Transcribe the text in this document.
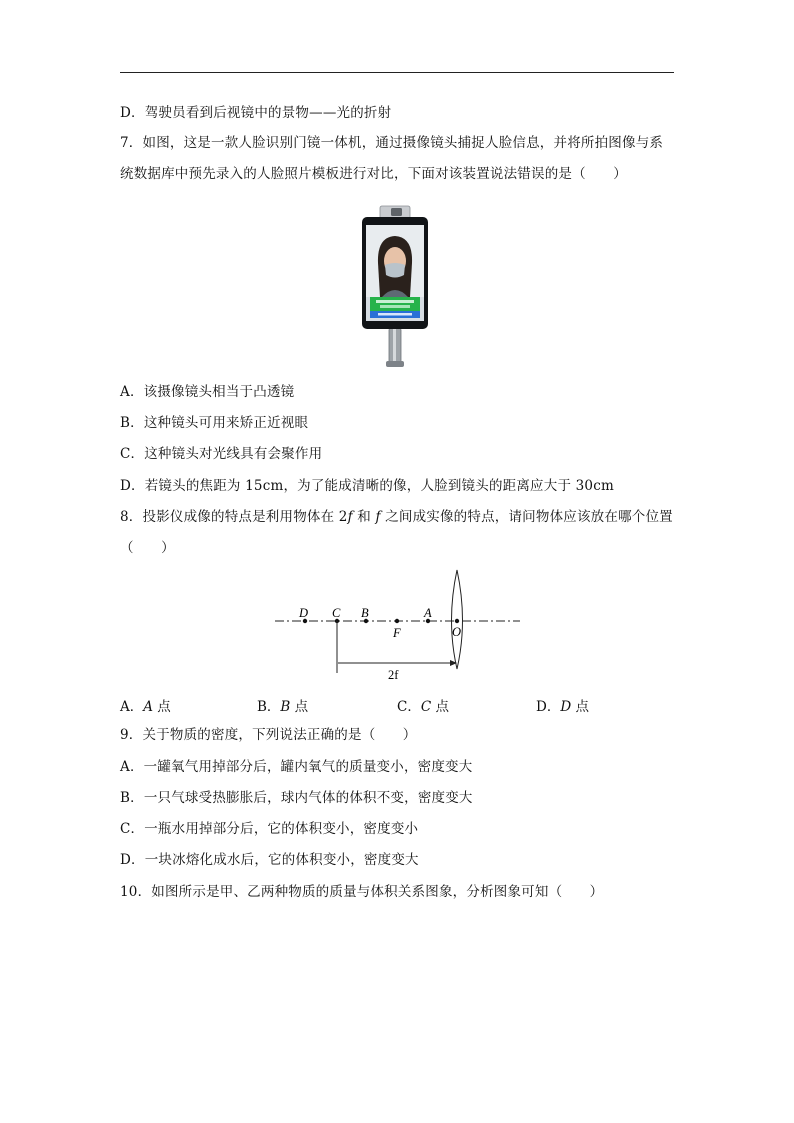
D．驾驶员看到后视镜中的景物——光的折射
7．如图，这是一款人脸识别门镜一体机，通过摄像镜头捕捉人脸信息，并将所拍图像与系
统数据库中预先录入的人脸照片模板进行对比，下面对该装置说法错误的是（　　）
A．该摄像镜头相当于凸透镜
B．这种镜头可用来矫正近视眼
C．这种镜头对光线具有会聚作用
D．若镜头的焦距为 15cm，为了能成清晰的像，人脸到镜头的距离应大于 30cm
8．投影仪成像的特点是利用物体在 2f 和 f 之间成实像的特点，请问物体应该放在哪个位置
（　　）
D C B	A
F	O
2f
A．A 点	B．B 点	C．C 点	D．D 点
9．关于物质的密度，下列说法正确的是（　　）
A．一罐氧气用掉部分后，罐内氧气的质量变小，密度变大
B．一只气球受热膨胀后，球内气体的体积不变，密度变大
C．一瓶水用掉部分后，它的体积变小，密度变小
D．一块冰熔化成水后，它的体积变小，密度变大
10．如图所示是甲、乙两种物质的质量与体积关系图象，分析图象可知（　　）
